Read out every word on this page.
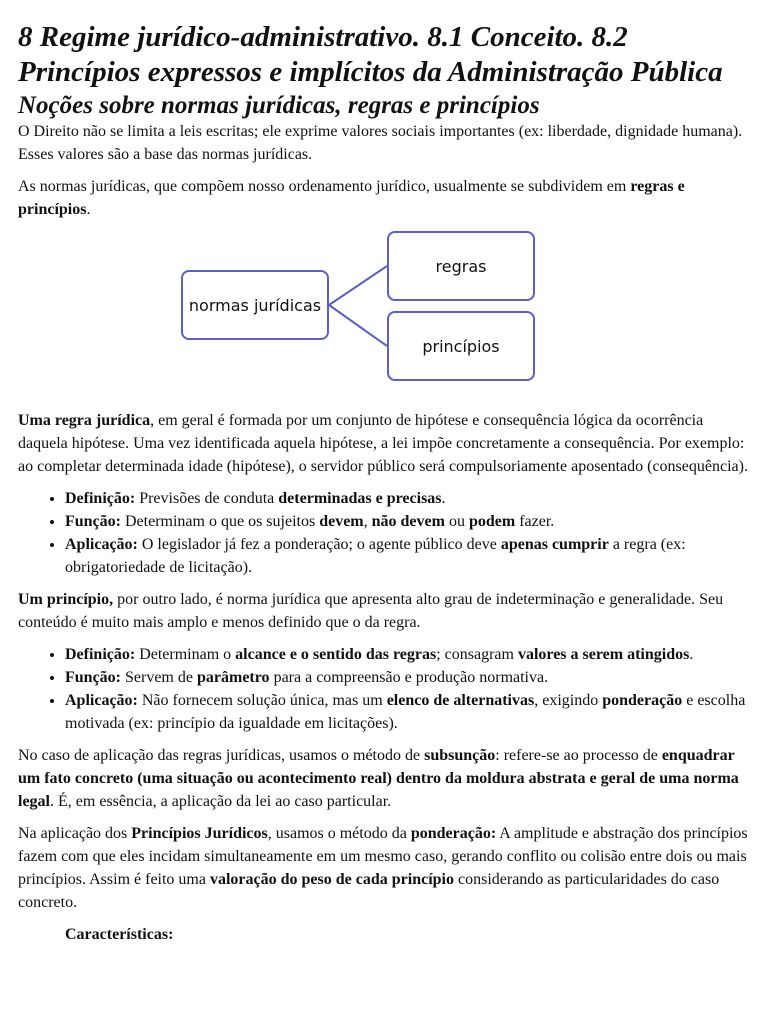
8 Regime jurídico-administrativo. 8.1 Conceito. 8.2 Princípios expressos e implícitos da Administração Pública
Noções sobre normas jurídicas, regras e princípios

O Direito não se limita a leis escritas; ele exprime valores sociais importantes (ex: liberdade, dignidade humana). Esses valores são a base das normas jurídicas.

As normas jurídicas, que compõem nosso ordenamento jurídico, usualmente se subdividem em regras e princípios.

normas jurídicas
regras
princípios

Uma regra jurídica, em geral é formada por um conjunto de hipótese e consequência lógica da ocorrência daquela hipótese. Uma vez identificada aquela hipótese, a lei impõe concretamente a consequência. Por exemplo: ao completar determinada idade (hipótese), o servidor público será compulsoriamente aposentado (consequência).

• Definição: Previsões de conduta determinadas e precisas.
• Função: Determinam o que os sujeitos devem, não devem ou podem fazer.
• Aplicação: O legislador já fez a ponderação; o agente público deve apenas cumprir a regra (ex: obrigatoriedade de licitação).

Um princípio, por outro lado, é norma jurídica que apresenta alto grau de indeterminação e generalidade. Seu conteúdo é muito mais amplo e menos definido que o da regra.

• Definição: Determinam o alcance e o sentido das regras; consagram valores a serem atingidos.
• Função: Servem de parâmetro para a compreensão e produção normativa.
• Aplicação: Não fornecem solução única, mas um elenco de alternativas, exigindo ponderação e escolha motivada (ex: princípio da igualdade em licitações).

No caso de aplicação das regras jurídicas, usamos o método de subsunção: refere-se ao processo de enquadrar um fato concreto (uma situação ou acontecimento real) dentro da moldura abstrata e geral de uma norma legal. É, em essência, a aplicação da lei ao caso particular.

Na aplicação dos Princípios Jurídicos, usamos o método da ponderação: A amplitude e abstração dos princípios fazem com que eles incidam simultaneamente em um mesmo caso, gerando conflito ou colisão entre dois ou mais princípios. Assim é feito uma valoração do peso de cada princípio considerando as particularidades do caso concreto.

Características:
